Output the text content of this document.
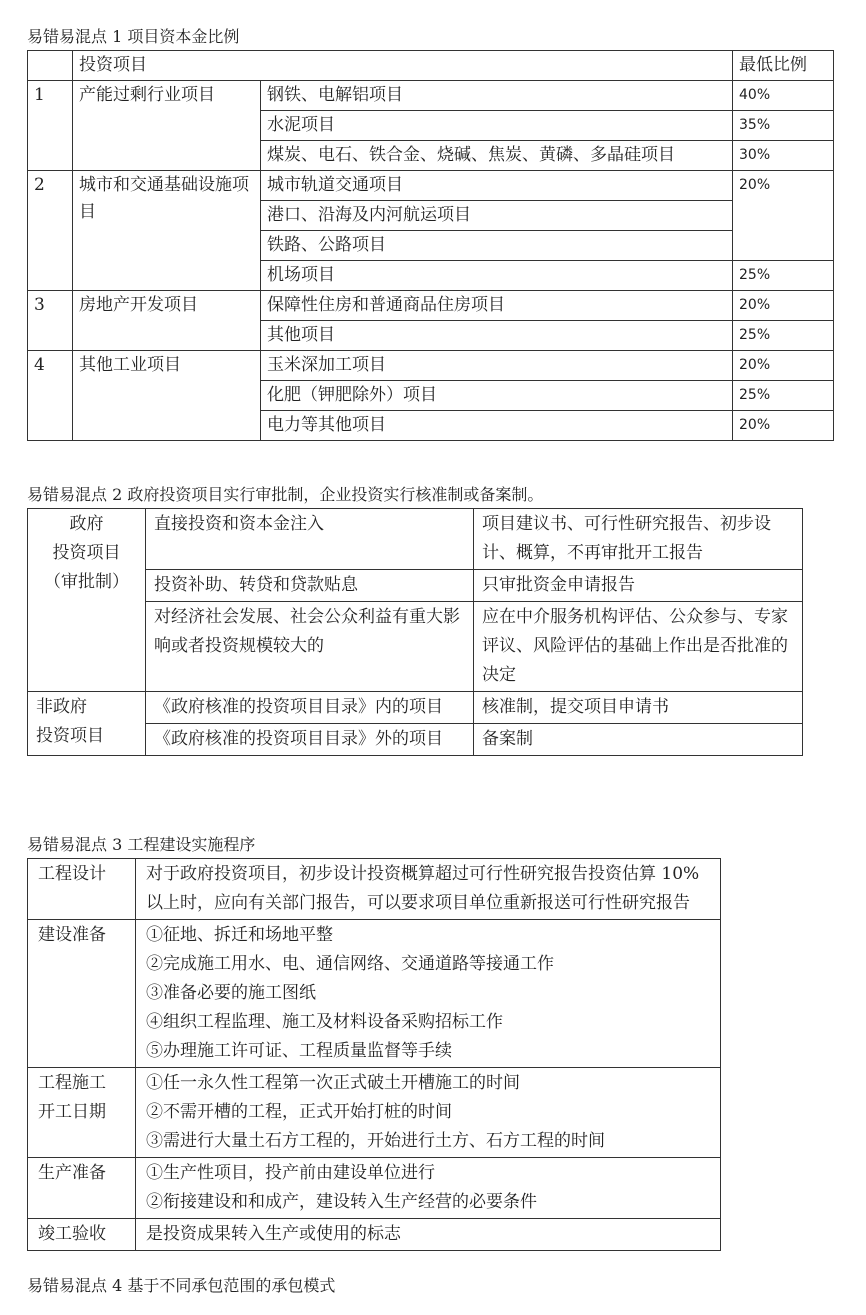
易错易混点 1 项目资本金比例
	投资项目		最低比例
1	产能过剩行业项目	钢铁、电解铝项目	40%
		水泥项目	35%
		煤炭、电石、铁合金、烧碱、焦炭、黄磷、多晶硅项目	30%
2	城市和交通基础设施项目	城市轨道交通项目	20%
		港口、沿海及内河航运项目	
		铁路、公路项目	
		机场项目	25%
3	房地产开发项目	保障性住房和普通商品住房项目	20%
		其他项目	25%
4	其他工业项目	玉米深加工项目	20%
		化肥（钾肥除外）项目	25%
		电力等其他项目	20%
易错易混点 2 政府投资项目实行审批制，企业投资实行核准制或备案制。
政府
投资项目
（审批制）	直接投资和资本金注入	项目建议书、可行性研究报告、初步设计、概算，不再审批开工报告
	投资补助、转贷和贷款贴息	只审批资金申请报告
	对经济社会发展、社会公众利益有重大影响或者投资规模较大的	应在中介服务机构评估、公众参与、专家评议、风险评估的基础上作出是否批准的决定

非政府
投资项目	《政府核准的投资项目目录》内的项目	核准制，提交项目申请书
	《政府核准的投资项目目录》外的项目	备案制
易错易混点 3 工程建设实施程序
工程设计	对于政府投资项目，初步设计投资概算超过可行性研究报告投资估算 10%以上时，应向有关部门报告，可以要求项目单位重新报送可行性研究报告
建设准备	①征地、拆迁和场地平整
②完成施工用水、电、通信网络、交通道路等接通工作
③准备必要的施工图纸
④组织工程监理、施工及材料设备采购招标工作
⑤办理施工许可证、工程质量监督等手续

工程施工
开工日期	①任一永久性工程第一次正式破土开槽施工的时间
②不需开槽的工程，正式开始打桩的时间
③需进行大量土石方工程的，开始进行土方、石方工程的时间

生产准备	①生产性项目，投产前由建设单位进行
②衔接建设和和成产，建设转入生产经营的必要条件

竣工验收	是投资成果转入生产或使用的标志
易错易混点 4 基于不同承包范围的承包模式
